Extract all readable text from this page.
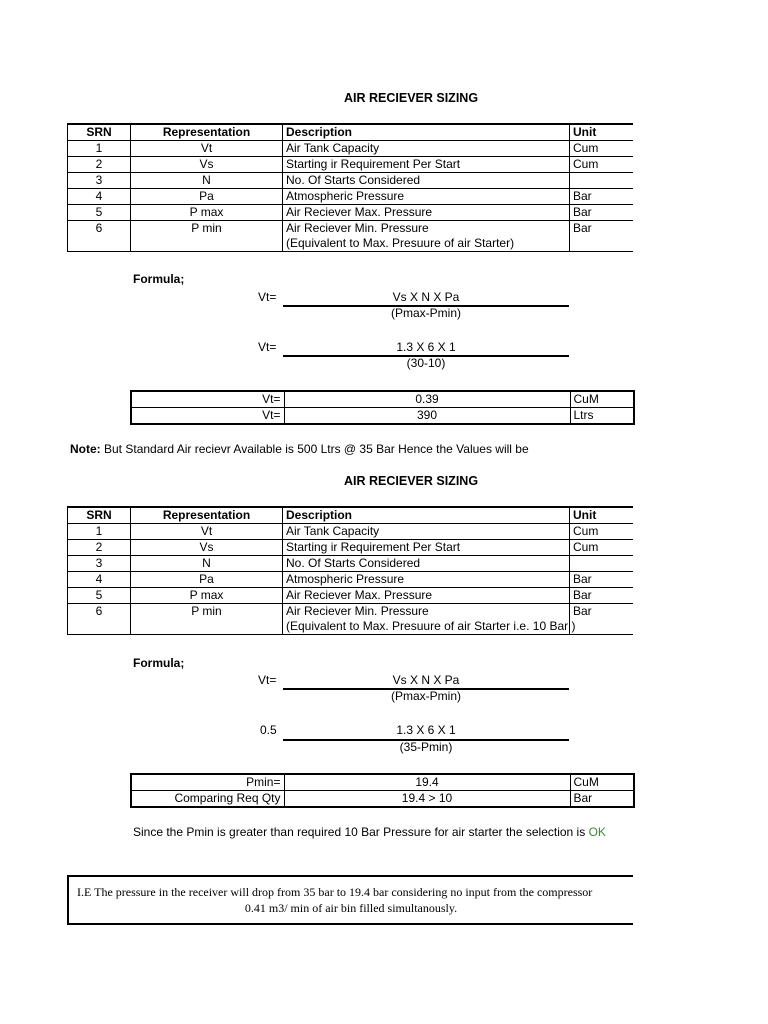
AIR RECIEVER SIZING
SRN	Representation	Description	Unit
1	Vt	Air Tank Capacity	Cum
2	Vs	Starting ir Requirement Per Start	Cum
3	N	No. Of Starts Considered	
4	Pa	Atmospheric Pressure	Bar
5	P max	Air Reciever Max. Pressure	Bar
6	P min	Air Reciever Min. Pressure
(Equivalent to Max. Presuure of air Starter)	Bar
Formula;
Vt=	Vs X N X Pa
(Pmax-Pmin)
Vt=	1.3 X 6 X 1
(30-10)
Vt=	0.39	CuM
Vt=	390	Ltrs
Note: But Standard Air recievr Available is 500 Ltrs @ 35 Bar Hence the Values will be
AIR RECIEVER SIZING
SRN	Representation	Description	Unit
1	Vt	Air Tank Capacity	Cum
2	Vs	Starting ir Requirement Per Start	Cum
3	N	No. Of Starts Considered	
4	Pa	Atmospheric Pressure	Bar
5	P max	Air Reciever Max. Pressure	Bar
6	P min	Air Reciever Min. Pressure
(Equivalent to Max. Presuure of air Starter i.e. 10 Bar )	Bar
Formula;
Vt=	Vs X N X Pa
(Pmax-Pmin)
0.5	1.3 X 6 X 1
(35-Pmin)
Pmin=	19.4	CuM
Comparing Req Qty	19.4 > 10	Bar
Since the Pmin is greater than required 10 Bar Pressure for air starter the selection is OK
I.E The pressure in the receiver will drop from 35 bar to 19.4 bar considering no input from the compressor
0.41 m3/ min of air bin filled simultanously.
